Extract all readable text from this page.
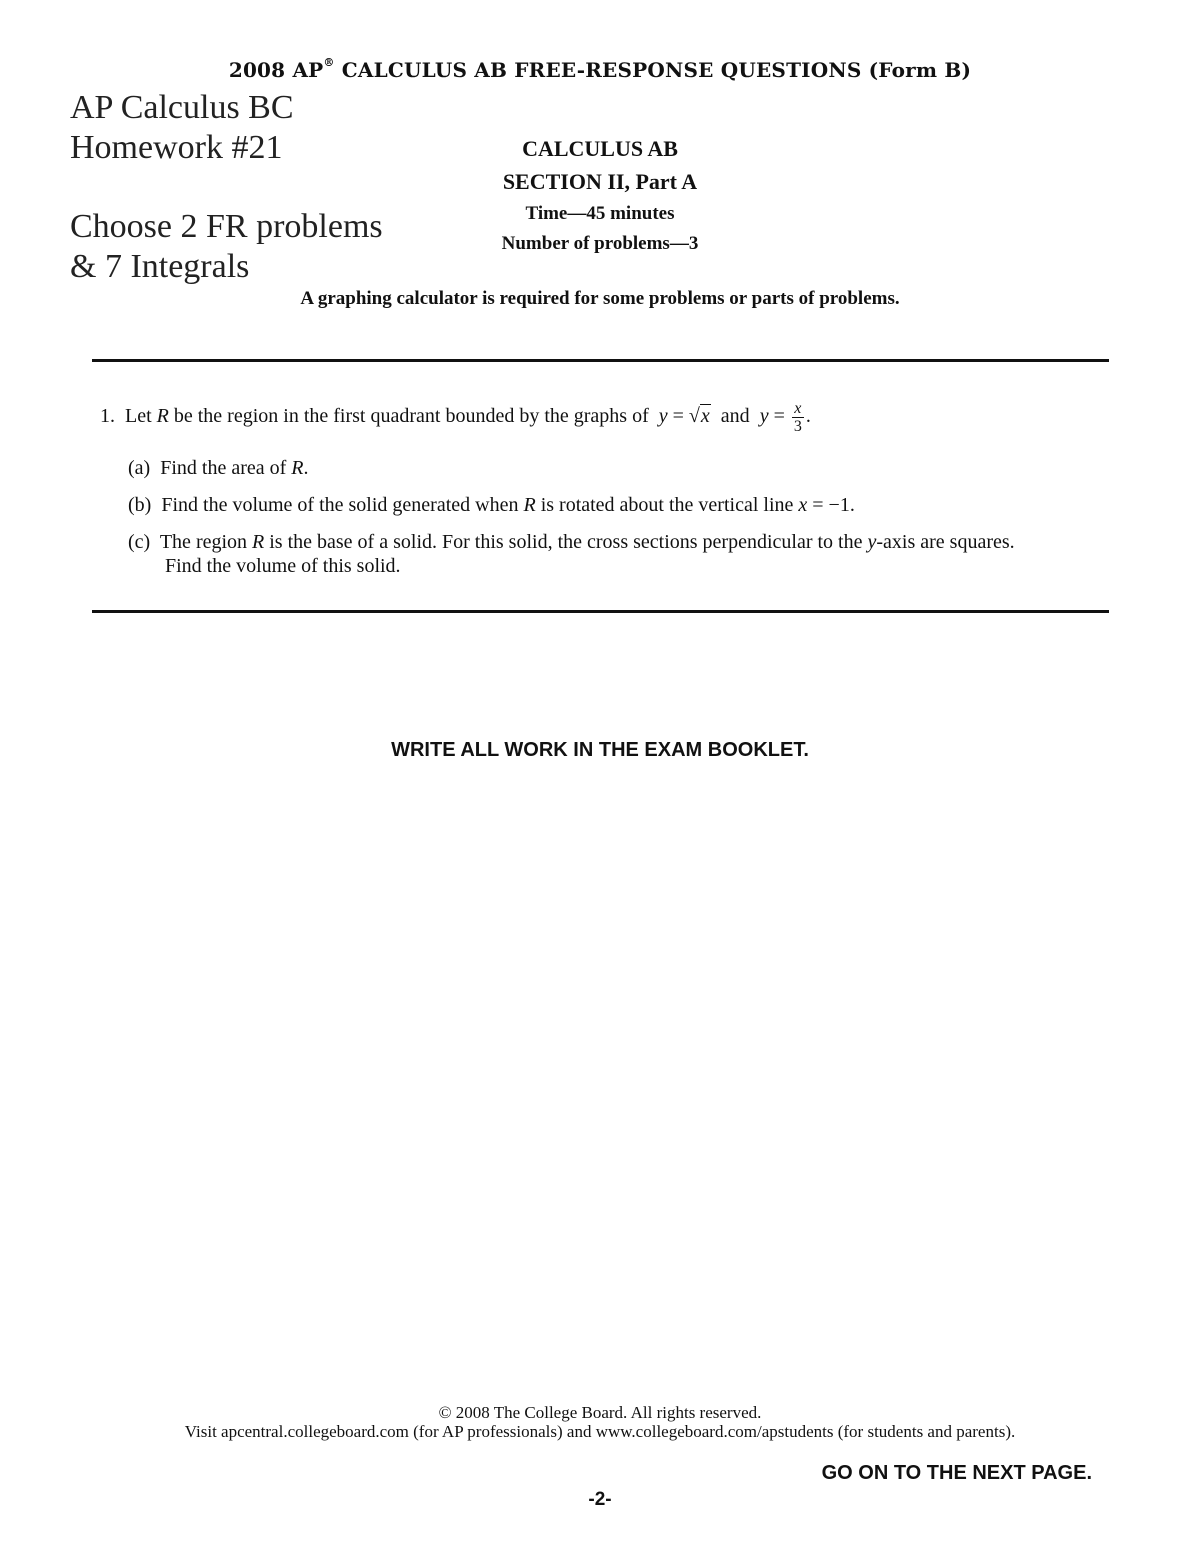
2008 AP® CALCULUS AB FREE-RESPONSE QUESTIONS (Form B)
AP Calculus BC
Homework #21
Choose 2 FR problems
& 7 Integrals
CALCULUS AB
SECTION II, Part A
Time—45 minutes
Number of problems—3
A graphing calculator is required for some problems or parts of problems.
1. Let R be the region in the first quadrant bounded by the graphs of y = √x and $y = \frac{x}{3}$ .
(a) Find the area of R.
(b) Find the volume of the solid generated when R is rotated about the vertical line x = −1.
(c) The region R is the base of a solid. For this solid, the cross sections perpendicular to the y-axis are squares.
Find the volume of this solid.
WRITE ALL WORK IN THE EXAM BOOKLET.
© 2008 The College Board. All rights reserved.
Visit apcentral.collegeboard.com (for AP professionals) and www.collegeboard.com/apstudents (for students and parents).
GO ON TO THE NEXT PAGE.
-2-
